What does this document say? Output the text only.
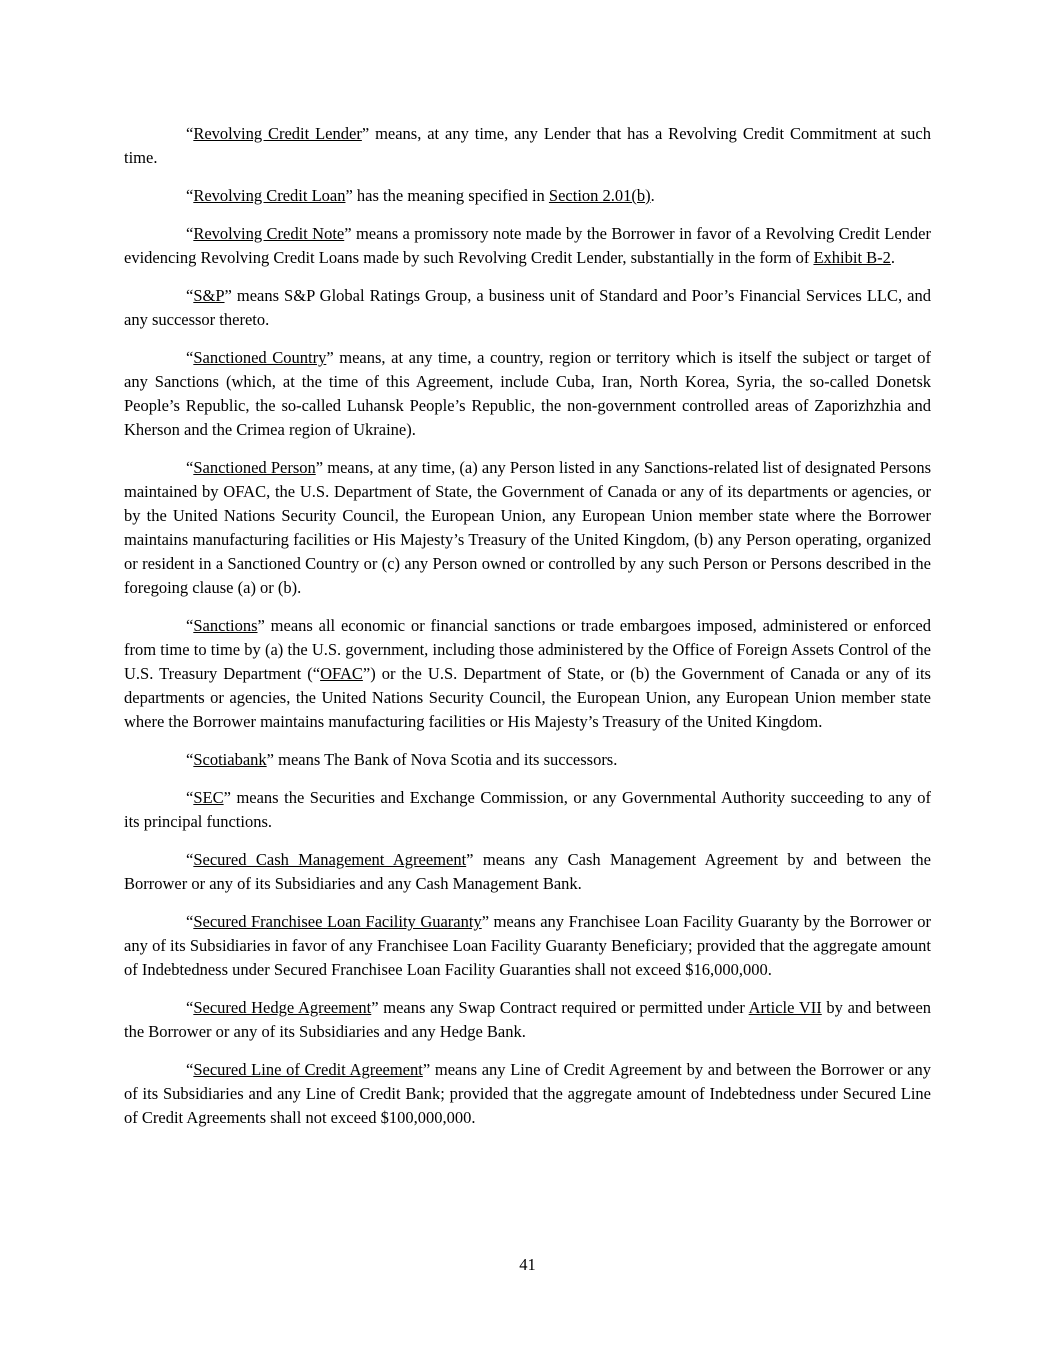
“Revolving Credit Lender” means, at any time, any Lender that has a Revolving Credit Commitment at such time.

“Revolving Credit Loan” has the meaning specified in Section 2.01(b).

“Revolving Credit Note” means a promissory note made by the Borrower in favor of a Revolving Credit Lender evidencing Revolving Credit Loans made by such Revolving Credit Lender, substantially in the form of Exhibit B-2.

“S&P” means S&P Global Ratings Group, a business unit of Standard and Poor’s Financial Services LLC, and any successor thereto.

“Sanctioned Country” means, at any time, a country, region or territory which is itself the subject or target of any Sanctions (which, at the time of this Agreement, include Cuba, Iran, North Korea, Syria, the so-called Donetsk People’s Republic, the so-called Luhansk People’s Republic, the non-government controlled areas of Zaporizhzhia and Kherson and the Crimea region of Ukraine).

“Sanctioned Person” means, at any time, (a) any Person listed in any Sanctions-related list of designated Persons maintained by OFAC, the U.S. Department of State, the Government of Canada or any of its departments or agencies, or by the United Nations Security Council, the European Union, any European Union member state where the Borrower maintains manufacturing facilities or His Majesty’s Treasury of the United Kingdom, (b) any Person operating, organized or resident in a Sanctioned Country or (c) any Person owned or controlled by any such Person or Persons described in the foregoing clause (a) or (b).

“Sanctions” means all economic or financial sanctions or trade embargoes imposed, administered or enforced from time to time by (a) the U.S. government, including those administered by the Office of Foreign Assets Control of the U.S. Treasury Department (“OFAC”) or the U.S. Department of State, or (b) the Government of Canada or any of its departments or agencies, the United Nations Security Council, the European Union, any European Union member state where the Borrower maintains manufacturing facilities or His Majesty’s Treasury of the United Kingdom.

“Scotiabank” means The Bank of Nova Scotia and its successors.

“SEC” means the Securities and Exchange Commission, or any Governmental Authority succeeding to any of its principal functions.

“Secured Cash Management Agreement” means any Cash Management Agreement by and between the Borrower or any of its Subsidiaries and any Cash Management Bank.

“Secured Franchisee Loan Facility Guaranty” means any Franchisee Loan Facility Guaranty by the Borrower or any of its Subsidiaries in favor of any Franchisee Loan Facility Guaranty Beneficiary; provided that the aggregate amount of Indebtedness under Secured Franchisee Loan Facility Guaranties shall not exceed $16,000,000.

“Secured Hedge Agreement” means any Swap Contract required or permitted under Article VII by and between the Borrower or any of its Subsidiaries and any Hedge Bank.

“Secured Line of Credit Agreement” means any Line of Credit Agreement by and between the Borrower or any of its Subsidiaries and any Line of Credit Bank; provided that the aggregate amount of Indebtedness under Secured Line of Credit Agreements shall not exceed $100,000,000.

41
